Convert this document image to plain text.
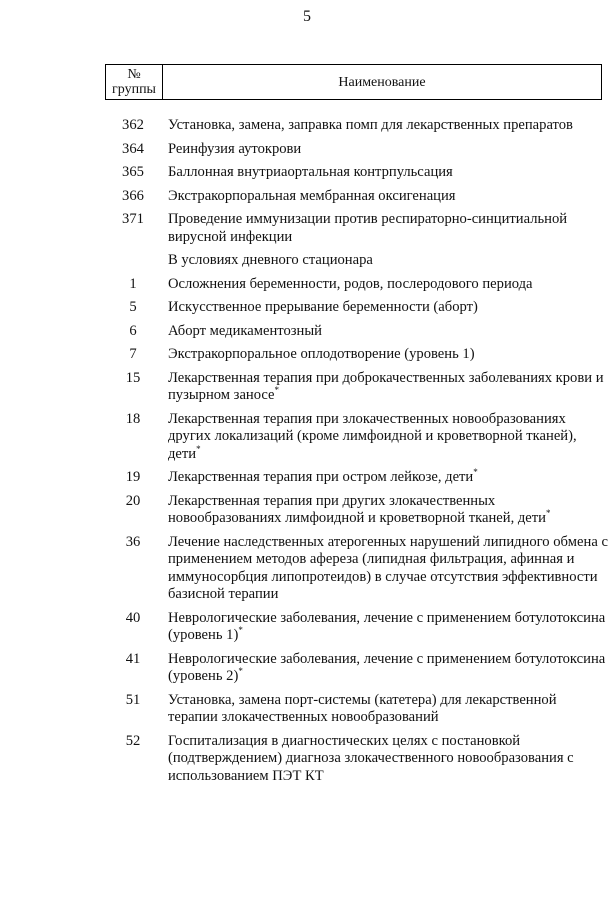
5
№ группы	Наименование
362	Установка, замена, заправка помп для лекарственных препаратов
364	Реинфузия аутокрови
365	Баллонная внутриаортальная контрпульсация
366	Экстракорпоральная мембранная оксигенация
371	Проведение иммунизации против респираторно-синцитиальной вирусной инфекции
В условиях дневного стационара
1	Осложнения беременности, родов, послеродового периода
5	Искусственное прерывание беременности (аборт)
6	Аборт медикаментозный
7	Экстракорпоральное оплодотворение (уровень 1)
15	Лекарственная терапия при доброкачественных заболеваниях крови и пузырном заносе*
18	Лекарственная терапия при злокачественных новообразованиях других локализаций (кроме лимфоидной и кроветворной тканей), дети*
19	Лекарственная терапия при остром лейкозе, дети*
20	Лекарственная терапия при других злокачественных новообразованиях лимфоидной и кроветворной тканей, дети*
36	Лечение наследственных атерогенных нарушений липидного обмена с применением методов афереза (липидная фильтрация, афинная и иммуносорбция липопротеидов) в случае отсутствия эффективности базисной терапии
40	Неврологические заболевания, лечение с применением ботулотоксина (уровень 1)*
41	Неврологические заболевания, лечение с применением ботулотоксина (уровень 2)*
51	Установка, замена порт-системы (катетера) для лекарственной терапии злокачественных новообразований
52	Госпитализация в диагностических целях с постановкой (подтверждением) диагноза злокачественного новообразования с использованием ПЭТ КТ
